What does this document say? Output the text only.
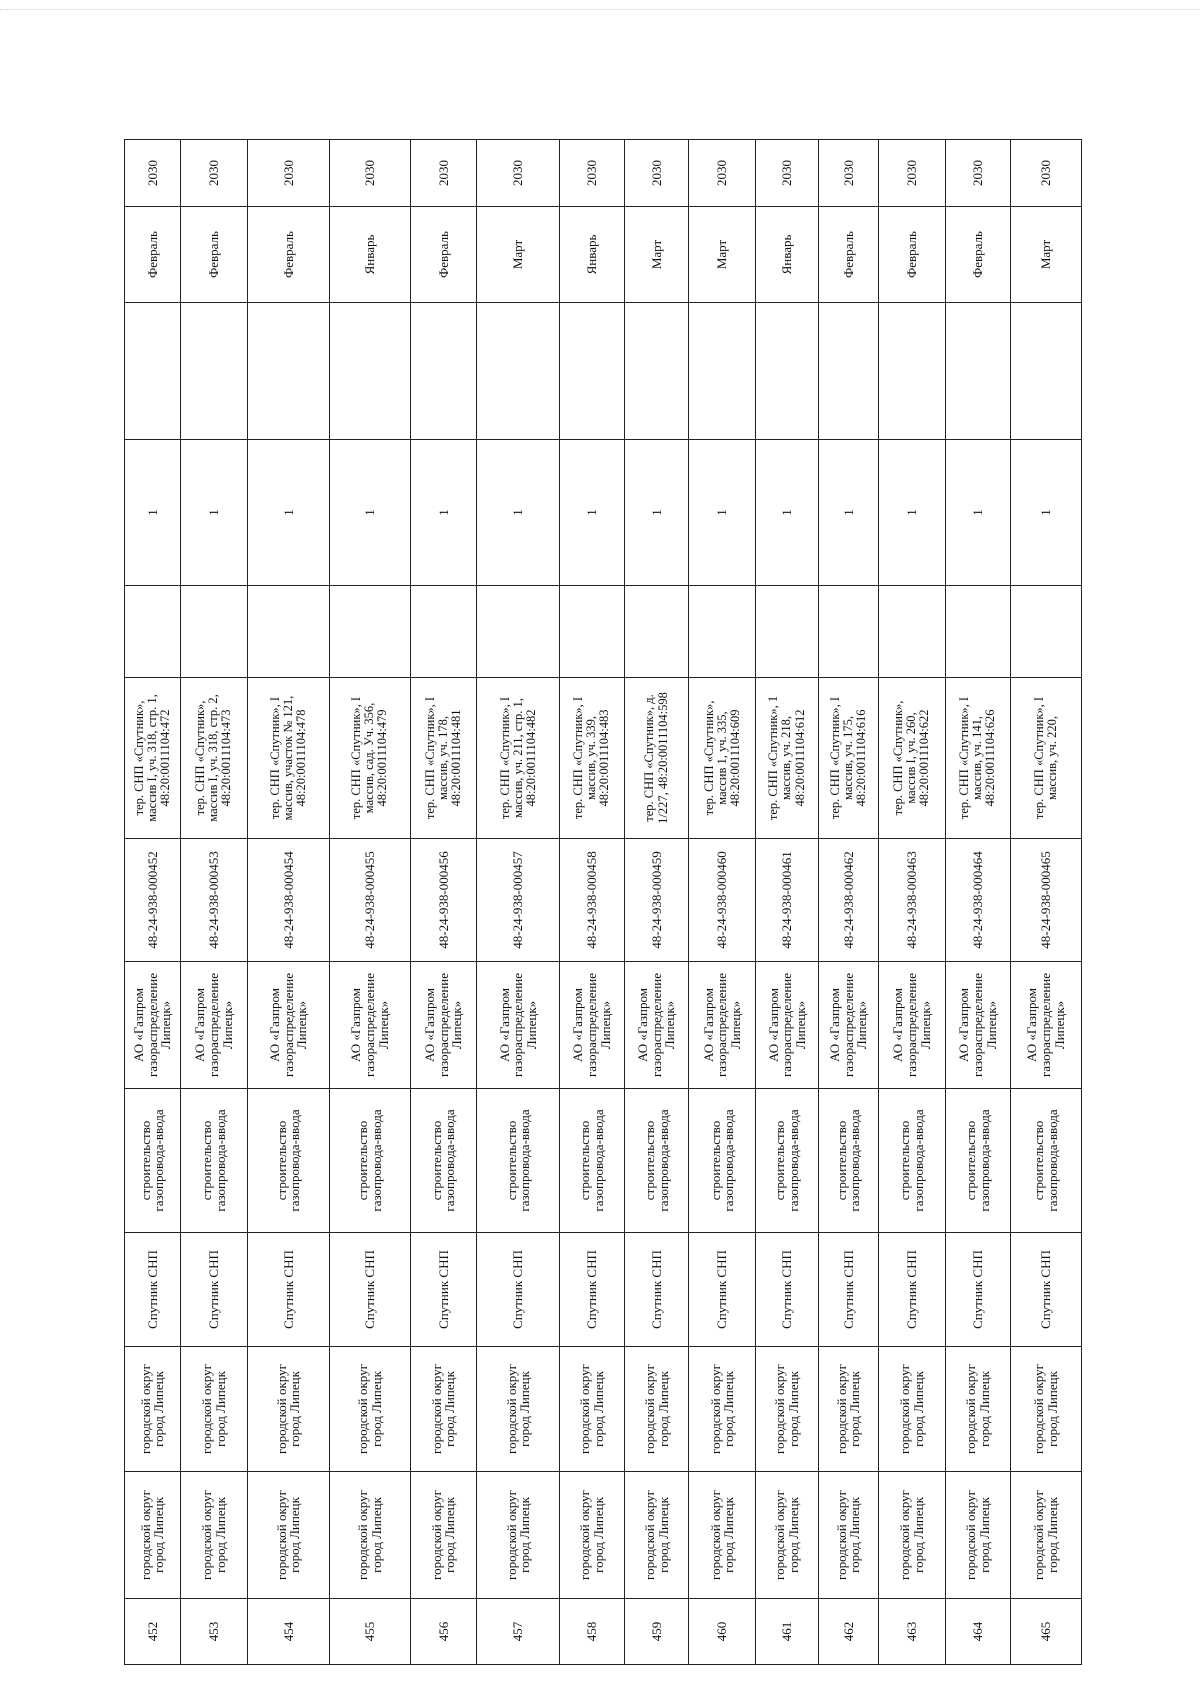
452	городской округ город Липецк	городской округ город Липецк	Спутник СНП	строительство газопровода-ввода	АО «Газпром газораспределение Липецк»	48-24-938-000452	тер. СНП «Спутник», массив I, уч. 318, стр. 1, 48:20:0011104:472		1		Февраль	2030
453	городской округ город Липецк	городской округ город Липецк	Спутник СНП	строительство газопровода-ввода	АО «Газпром газораспределение Липецк»	48-24-938-000453	тер. СНП «Спутник», массив I, уч. 318, стр. 2, 48:20:0011104:473		1		Февраль	2030
454	городской округ город Липецк	городской округ город Липецк	Спутник СНП	строительство газопровода-ввода	АО «Газпром газораспределение Липецк»	48-24-938-000454	тер. СНП «Спутник», I массив, участок № 121, 48:20:0011104:478		1		Февраль	2030
455	городской округ город Липецк	городской округ город Липецк	Спутник СНП	строительство газопровода-ввода	АО «Газпром газораспределение Липецк»	48-24-938-000455	тер. СНП «Спутник», I массив, сад. Уч. 356, 48:20:0011104:479		1		Январь	2030
456	городской округ город Липецк	городской округ город Липецк	Спутник СНП	строительство газопровода-ввода	АО «Газпром газораспределение Липецк»	48-24-938-000456	тер. СНП «Спутник», I массив, уч. 178, 48:20:0011104:481		1		Февраль	2030
457	городской округ город Липецк	городской округ город Липецк	Спутник СНП	строительство газопровода-ввода	АО «Газпром газораспределение Липецк»	48-24-938-000457	тер. СНП «Спутник», I массив, уч. 211, стр. 1, 48:20:0011104:482		1		Март	2030
458	городской округ город Липецк	городской округ город Липецк	Спутник СНП	строительство газопровода-ввода	АО «Газпром газораспределение Липецк»	48-24-938-000458	тер. СНП «Спутник», I массив, уч. 339, 48:20:0011104:483		1		Январь	2030
459	городской округ город Липецк	городской округ город Липецк	Спутник СНП	строительство газопровода-ввода	АО «Газпром газораспределение Липецк»	48-24-938-000459	тер. СНП «Спутник», д. 1/227, 48:20:0011104:598		1		Март	2030
460	городской округ город Липецк	городской округ город Липецк	Спутник СНП	строительство газопровода-ввода	АО «Газпром газораспределение Липецк»	48-24-938-000460	тер. СНП «Спутник», массив 1, уч. 335, 48:20:0011104:609		1		Март	2030
461	городской округ город Липецк	городской округ город Липецк	Спутник СНП	строительство газопровода-ввода	АО «Газпром газораспределение Липецк»	48-24-938-000461	тер. СНП «Спутник», 1 массив, уч. 218, 48:20:0011104:612		1		Январь	2030
462	городской округ город Липецк	городской округ город Липецк	Спутник СНП	строительство газопровода-ввода	АО «Газпром газораспределение Липецк»	48-24-938-000462	тер. СНП «Спутник», I массив, уч. 175, 48:20:0011104:616		1		Февраль	2030
463	городской округ город Липецк	городской округ город Липецк	Спутник СНП	строительство газопровода-ввода	АО «Газпром газораспределение Липецк»	48-24-938-000463	тер. СНП «Спутник», массив I, уч. 260, 48:20:0011104:622		1		Февраль	2030
464	городской округ город Липецк	городской округ город Липецк	Спутник СНП	строительство газопровода-ввода	АО «Газпром газораспределение Липецк»	48-24-938-000464	тер. СНП «Спутник», I массив, уч. 141, 48:20:0011104:626		1		Февраль	2030
465	городской округ город Липецк	городской округ город Липецк	Спутник СНП	строительство газопровода-ввода	АО «Газпром газораспределение Липецк»	48-24-938-000465	тер. СНП «Спутник», I массив, уч. 220,		1		Март	2030
